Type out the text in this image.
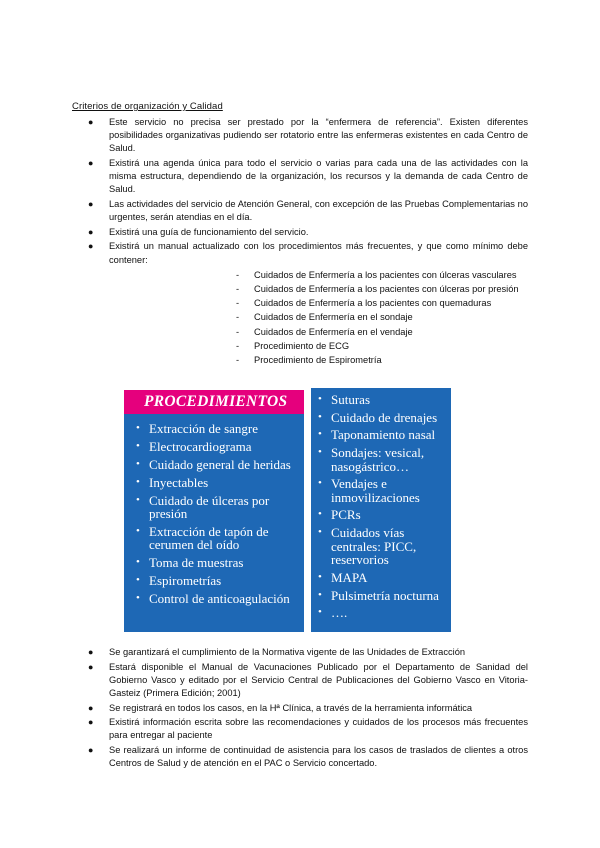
Criterios de organización y Calidad
● Este servicio no precisa ser prestado por la “enfermera de referencia”. Existen diferentes posibilidades organizativas pudiendo ser rotatorio entre las enfermeras existentes en cada Centro de Salud.
● Existirá una agenda única para todo el servicio o varias para cada una de las actividades con la misma estructura, dependiendo de la organización, los recursos y la demanda de cada Centro de Salud.
● Las actividades del servicio de Atención General, con excepción de las Pruebas Complementarias no urgentes, serán atendias en el día.
● Existirá una guía de funcionamiento del servicio.
● Existirá un manual actualizado con los procedimientos más frecuentes, y que como mínimo debe contener:
- Cuidados de Enfermería a los pacientes con úlceras vasculares
- Cuidados de Enfermería a los pacientes con úlceras por presión
- Cuidados de Enfermería a los pacientes con quemaduras
- Cuidados de Enfermería en el sondaje
- Cuidados de Enfermería en el vendaje
- Procedimiento de ECG
- Procedimiento de Espirometría
PROCEDIMIENTOS
• Extracción de sangre
• Electrocardiograma
• Cuidado general de heridas
• Inyectables
• Cuidado de úlceras por presión
• Extracción de tapón de cerumen del oído
• Toma de muestras
• Espirometrías
• Control de anticoagulación
• Suturas
• Cuidado de drenajes
• Taponamiento nasal
• Sondajes: vesical, nasogástrico…
• Vendajes e inmovilizaciones
• PCRs
• Cuidados vías centrales: PICC, reservorios
• MAPA
• Pulsimetría nocturna
• ….
● Se garantizará el cumplimiento de la Normativa vigente de las Unidades de Extracción
● Estará disponible el Manual de Vacunaciones Publicado por el Departamento de Sanidad del Gobierno Vasco y editado por el Servicio Central de Publicaciones del Gobierno Vasco en Vitoria-Gasteiz (Primera Edición; 2001)
● Se registrará en todos los casos, en la Hª Clínica, a través de la herramienta informática
● Existirá información escrita sobre las recomendaciones y cuidados de los procesos más frecuentes para entregar al paciente
● Se realizará un informe de continuidad de asistencia para los casos de traslados de clientes a otros Centros de Salud y de atención en el PAC o Servicio concertado.
